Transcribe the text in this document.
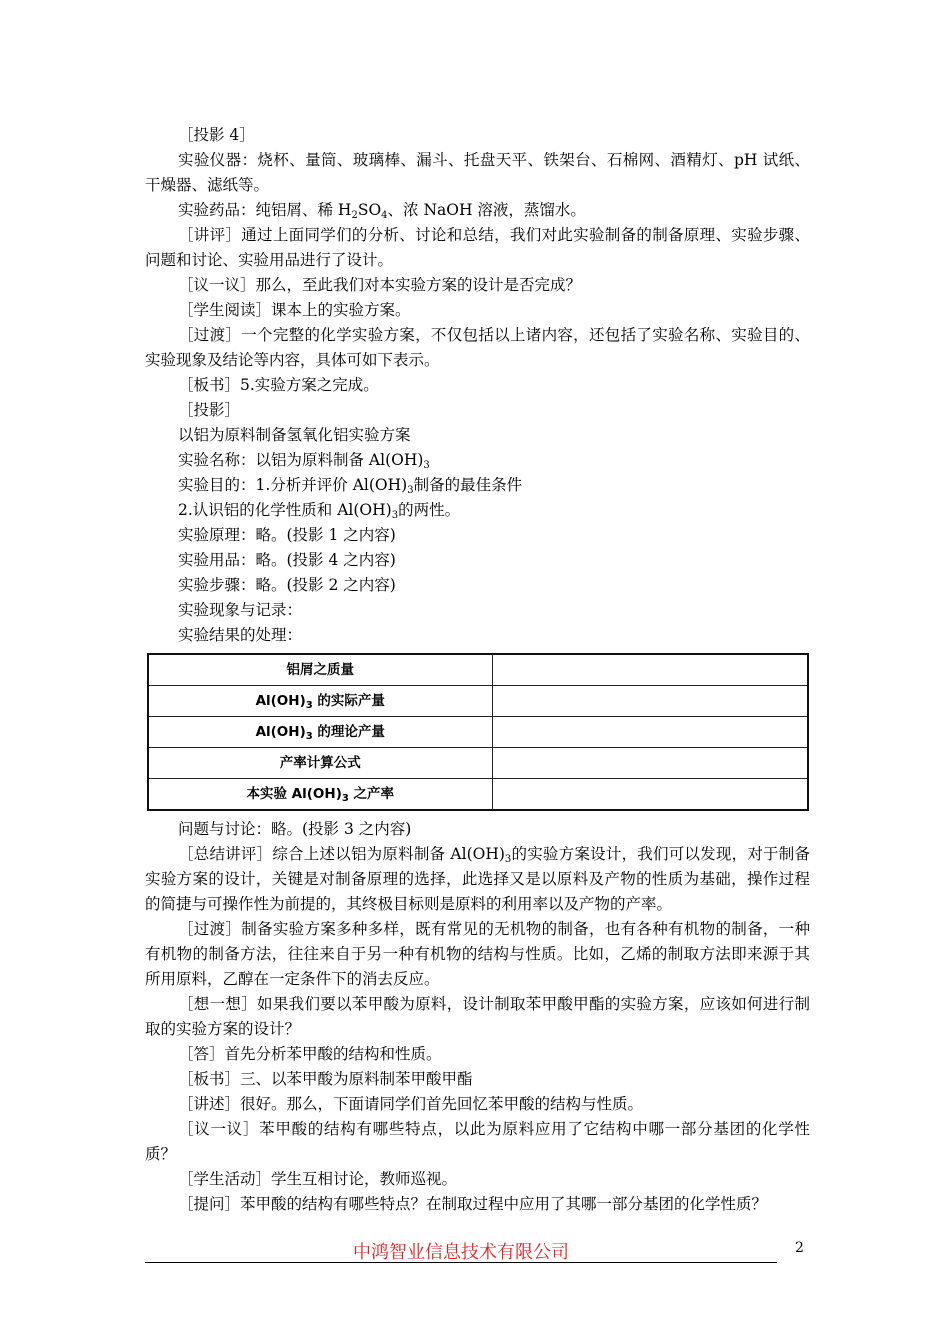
［投影 4］

实验仪器：烧杯、量筒、玻璃棒、漏斗、托盘天平、铁架台、石棉网、酒精灯、pH 试纸、干燥器、滤纸等。

实验药品：纯铝屑、稀 $H_2SO_4$、浓 NaOH 溶液，蒸馏水。

［讲评］通过上面同学们的分析、讨论和总结，我们对此实验制备的制备原理、实验步骤、问题和讨论、实验用品进行了设计。

［议一议］那么，至此我们对本实验方案的设计是否完成？

［学生阅读］课本上的实验方案。

［过渡］一个完整的化学实验方案，不仅包括以上诸内容，还包括了实验名称、实验目的、实验现象及结论等内容，具体可如下表示。

［板书］5.实验方案之完成。

［投影］

以铝为原料制备氢氧化铝实验方案

实验名称：以铝为原料制备 $Al(OH)_3$

实验目的：1.分析并评价 $Al(OH)_3$制备的最佳条件

2.认识铝的化学性质和 $Al(OH)_3$的两性。

实验原理：略。(投影 1 之内容)

实验用品：略。(投影 4 之内容)

实验步骤：略。(投影 2 之内容)

实验现象与记录：

实验结果的处理：

铝屑之质量	
$Al(OH)_3$ 的实际产量	
$Al(OH)_3$ 的理论产量	
产率计算公式	
本实验 $Al(OH)_3$ 之产率	

问题与讨论：略。(投影 3 之内容)

［总结讲评］综合上述以铝为原料制备 $Al(OH)_3$的实验方案设计，我们可以发现，对于制备实验方案的设计，关键是对制备原理的选择，此选择又是以原料及产物的性质为基础，操作过程的简捷与可操作性为前提的，其终极目标则是原料的利用率以及产物的产率。

［过渡］制备实验方案多种多样，既有常见的无机物的制备，也有各种有机物的制备，一种有机物的制备方法，往往来自于另一种有机物的结构与性质。比如，乙烯的制取方法即来源于其所用原料，乙醇在一定条件下的消去反应。

［想一想］如果我们要以苯甲酸为原料，设计制取苯甲酸甲酯的实验方案，应该如何进行制取的实验方案的设计？

［答］首先分析苯甲酸的结构和性质。

［板书］三、以苯甲酸为原料制苯甲酸甲酯

［讲述］很好。那么，下面请同学们首先回忆苯甲酸的结构与性质。

［议一议］苯甲酸的结构有哪些特点，以此为原料应用了它结构中哪一部分基团的化学性质？

［学生活动］学生互相讨论，教师巡视。

［提问］苯甲酸的结构有哪些特点？在制取过程中应用了其哪一部分基团的化学性质？

中鸿智业信息技术有限公司	2
